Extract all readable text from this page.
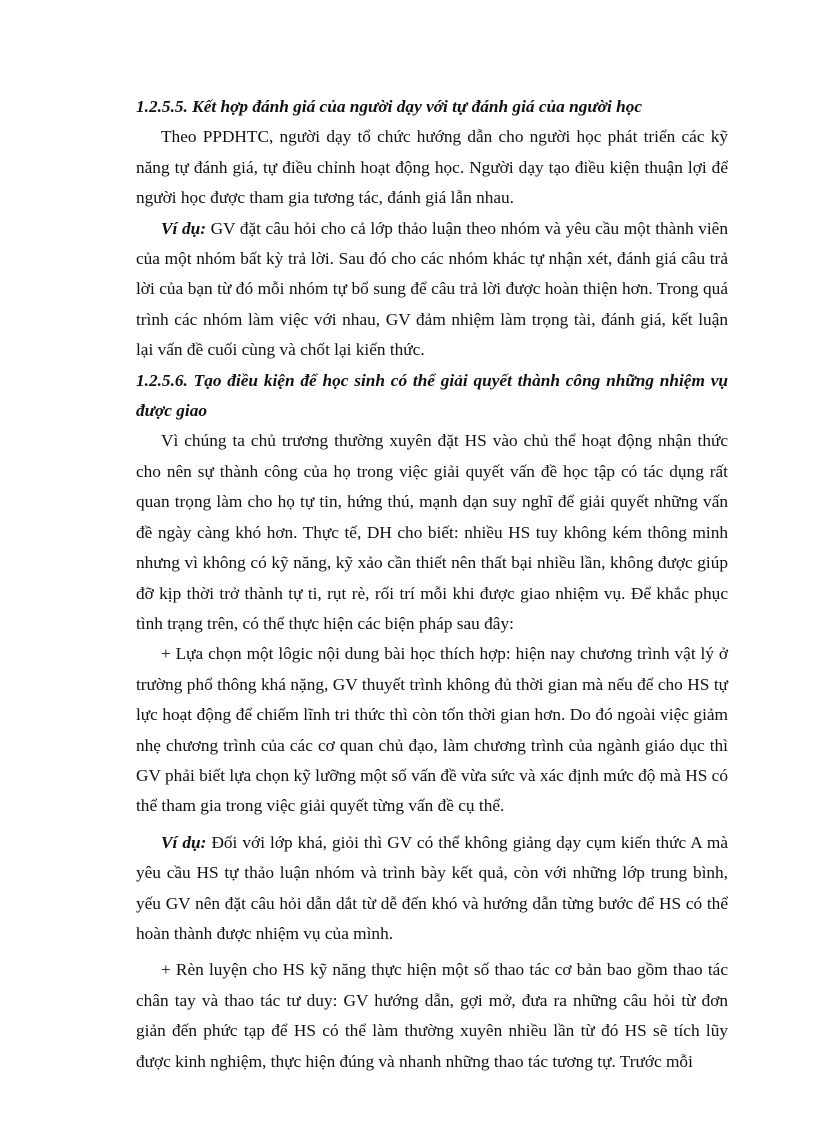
1.2.5.5. Kết hợp đánh giá của người dạy với tự đánh giá của người học

Theo PPDHTC, người dạy tổ chức hướng dẫn cho người học phát triển các kỹ năng tự đánh giá, tự điều chỉnh hoạt động học. Người dạy tạo điều kiện thuận lợi để người học được tham gia tương tác, đánh giá lẫn nhau.

Ví dụ: GV đặt câu hỏi cho cả lớp thảo luận theo nhóm và yêu cầu một thành viên của một nhóm bất kỳ trả lời. Sau đó cho các nhóm khác tự nhận xét, đánh giá câu trả lời của bạn từ đó mỗi nhóm tự bổ sung để câu trả lời được hoàn thiện hơn. Trong quá trình các nhóm làm việc với nhau, GV đảm nhiệm làm trọng tài, đánh giá, kết luận lại vấn đề cuối cùng và chốt lại kiến thức.

1.2.5.6. Tạo điều kiện để học sinh có thể giải quyết thành công những nhiệm vụ được giao

Vì chúng ta chủ trương thường xuyên đặt HS vào chủ thể hoạt động nhận thức cho nên sự thành công của họ trong việc giải quyết vấn đề học tập có tác dụng rất quan trọng làm cho họ tự tin, hứng thú, mạnh dạn suy nghĩ để giải quyết những vấn đề ngày càng khó hơn. Thực tế, DH cho biết: nhiều HS tuy không kém thông minh nhưng vì không có kỹ năng, kỹ xảo cần thiết nên thất bại nhiều lần, không được giúp đỡ kịp thời trở thành tự ti, rụt rè, rối trí mỗi khi được giao nhiệm vụ. Để khắc phục tình trạng trên, có thể thực hiện các biện pháp sau đây:

+ Lựa chọn một lôgic nội dung bài học thích hợp: hiện nay chương trình vật lý ở trường phổ thông khá nặng, GV thuyết trình không đủ thời gian mà nếu để cho HS tự lực hoạt động để chiếm lĩnh tri thức thì còn tốn thời gian hơn. Do đó ngoài việc giảm nhẹ chương trình của các cơ quan chủ đạo, làm chương trình của ngành giáo dục thì GV phải biết lựa chọn kỹ lưỡng một số vấn đề vừa sức và xác định mức độ mà HS có thể tham gia trong việc giải quyết từng vấn đề cụ thể.

Ví dụ: Đối với lớp khá, giỏi thì GV có thể không giảng dạy cụm kiến thức A mà yêu cầu HS tự thảo luận nhóm và trình bày kết quả, còn với những lớp trung bình, yếu GV nên đặt câu hỏi dẫn dắt từ dễ đến khó và hướng dẫn từng bước để HS có thể hoàn thành được nhiệm vụ của mình.

+ Rèn luyện cho HS kỹ năng thực hiện một số thao tác cơ bản bao gồm thao tác chân tay và thao tác tư duy: GV hướng dẫn, gợi mở, đưa ra những câu hỏi từ đơn giản đến phức tạp để HS có thể làm thường xuyên nhiều lần từ đó HS sẽ tích lũy được kinh nghiệm, thực hiện đúng và nhanh những thao tác tương tự. Trước mỗi
